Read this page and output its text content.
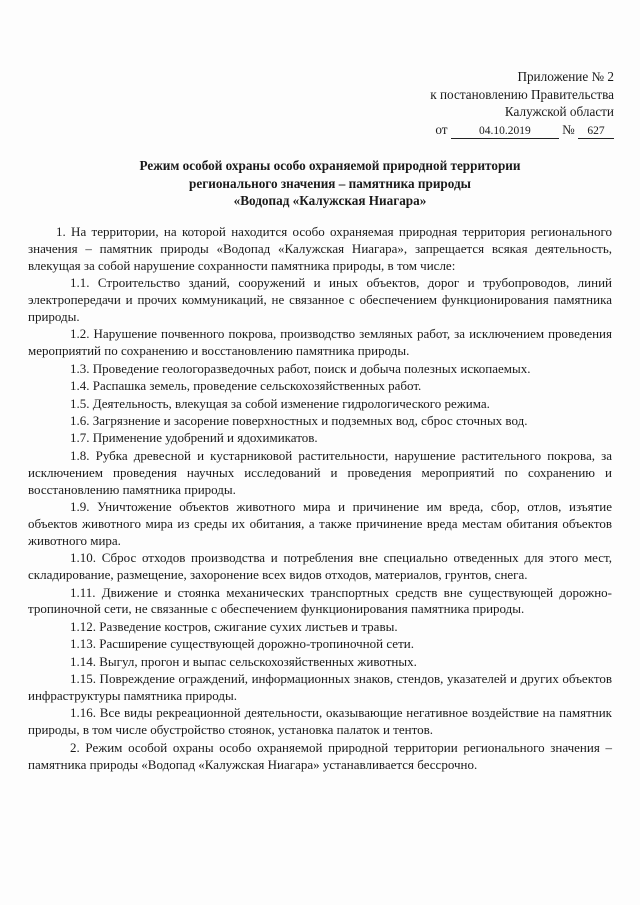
Приложение № 2
к постановлению Правительства
Калужской области
от	04.10.2019 № 627
Режим особой охраны особо охраняемой природной территории
регионального значения – памятника природы
«Водопад «Калужская Ниагара»

1. На территории, на которой находится особо охраняемая природная территория регионального значения – памятник природы «Водопад «Калужская Ниагара», запрещается всякая деятельность, влекущая за собой нарушение сохранности памятника природы, в том числе:

1.1. Строительство зданий, сооружений и иных объектов, дорог и трубопроводов, линий электропередачи и прочих коммуникаций, не связанное с обеспечением функционирования памятника природы.

1.2. Нарушение почвенного покрова, производство земляных работ, за исключением проведения мероприятий по сохранению и восстановлению памятника природы.

1.3. Проведение геологоразведочных работ, поиск и добыча полезных ископаемых.

1.4. Распашка земель, проведение сельскохозяйственных работ.

1.5. Деятельность, влекущая за собой изменение гидрологического режима.

1.6. Загрязнение и засорение поверхностных и подземных вод, сброс сточных вод.

1.7. Применение удобрений и ядохимикатов.

1.8. Рубка древесной и кустарниковой растительности, нарушение растительного покрова, за исключением проведения научных исследований и проведения мероприятий по сохранению и восстановлению памятника природы.

1.9. Уничтожение объектов животного мира и причинение им вреда, сбор, отлов, изъятие объектов животного мира из среды их обитания, а также причинение вреда местам обитания объектов животного мира.

1.10. Сброс отходов производства и потребления вне специально отведенных для этого мест, складирование, размещение, захоронение всех видов отходов, материалов, грунтов, снега.

1.11. Движение и стоянка механических транспортных средств вне существующей дорожно-тропиночной сети, не связанные с обеспечением функционирования памятника природы.

1.12. Разведение костров, сжигание сухих листьев и травы.

1.13. Расширение существующей дорожно-тропиночной сети.

1.14. Выгул, прогон и выпас сельскохозяйственных животных.

1.15. Повреждение ограждений, информационных знаков, стендов, указателей и других объектов инфраструктуры памятника природы.

1.16. Все виды рекреационной деятельности, оказывающие негативное воздействие на памятник природы, в том числе обустройство стоянок, установка палаток и тентов.

2. Режим особой охраны особо охраняемой природной территории регионального значения – памятника природы «Водопад «Калужская Ниагара» устанавливается бессрочно.
